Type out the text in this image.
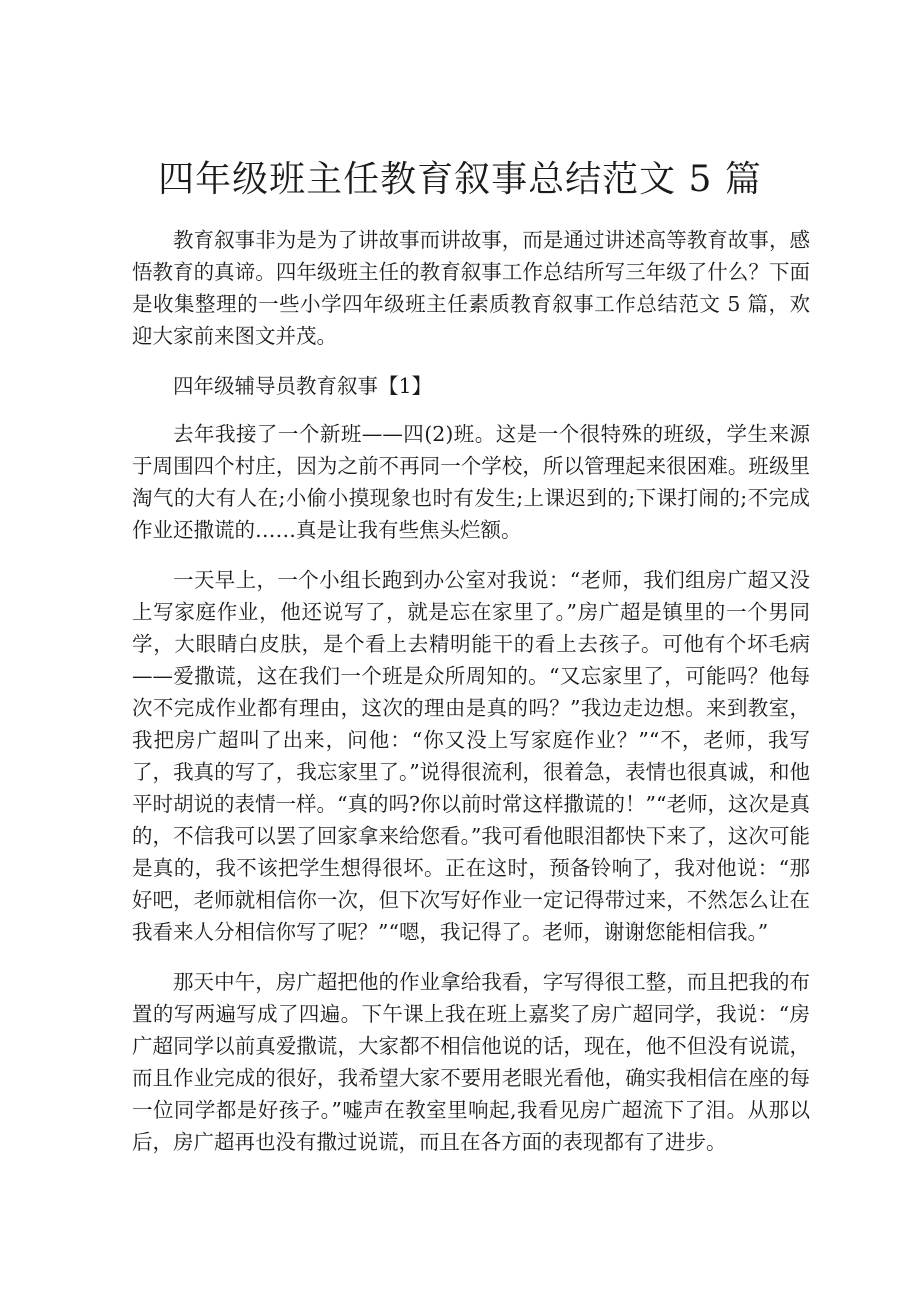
四年级班主任教育叙事总结范文 5 篇

教育叙事非为是为了讲故事而讲故事，而是通过讲述高等教育故事，感悟教育的真谛。四年级班主任的教育叙事工作总结所写三年级了什么？下面是收集整理的一些小学四年级班主任素质教育叙事工作总结范文 5 篇，欢迎大家前来图文并茂。

四年级辅导员教育叙事【1】

去年我接了一个新班——四(2)班。这是一个很特殊的班级，学生来源于周围四个村庄，因为之前不再同一个学校，所以管理起来很困难。班级里淘气的大有人在;小偷小摸现象也时有发生;上课迟到的;下课打闹的;不完成作业还撒谎的……真是让我有些焦头烂额。

一天早上，一个小组长跑到办公室对我说：“老师，我们组房广超又没上写家庭作业，他还说写了，就是忘在家里了。”房广超是镇里的一个男同学，大眼睛白皮肤，是个看上去精明能干的看上去孩子。可他有个坏毛病——爱撒谎，这在我们一个班是众所周知的。“又忘家里了，可能吗？他每次不完成作业都有理由，这次的理由是真的吗？”我边走边想。来到教室，我把房广超叫了出来，问他：“你又没上写家庭作业？”“不，老师，我写了，我真的写了，我忘家里了。”说得很流利，很着急，表情也很真诚，和他平时胡说的表情一样。“真的吗?你以前时常这样撒谎的！”“老师，这次是真的，不信我可以罢了回家拿来给您看。”我可看他眼泪都快下来了，这次可能是真的，我不该把学生想得很坏。正在这时，预备铃响了，我对他说：“那好吧，老师就相信你一次，但下次写好作业一定记得带过来，不然怎么让在我看来人分相信你写了呢？”“嗯，我记得了。老师，谢谢您能相信我。”

那天中午，房广超把他的作业拿给我看，字写得很工整，而且把我的布置的写两遍写成了四遍。下午课上我在班上嘉奖了房广超同学，我说：“房广超同学以前真爱撒谎，大家都不相信他说的话，现在，他不但没有说谎，而且作业完成的很好，我希望大家不要用老眼光看他，确实我相信在座的每一位同学都是好孩子。”嘘声在教室里响起,我看见房广超流下了泪。从那以后，房广超再也没有撒过说谎，而且在各方面的表现都有了进步。
